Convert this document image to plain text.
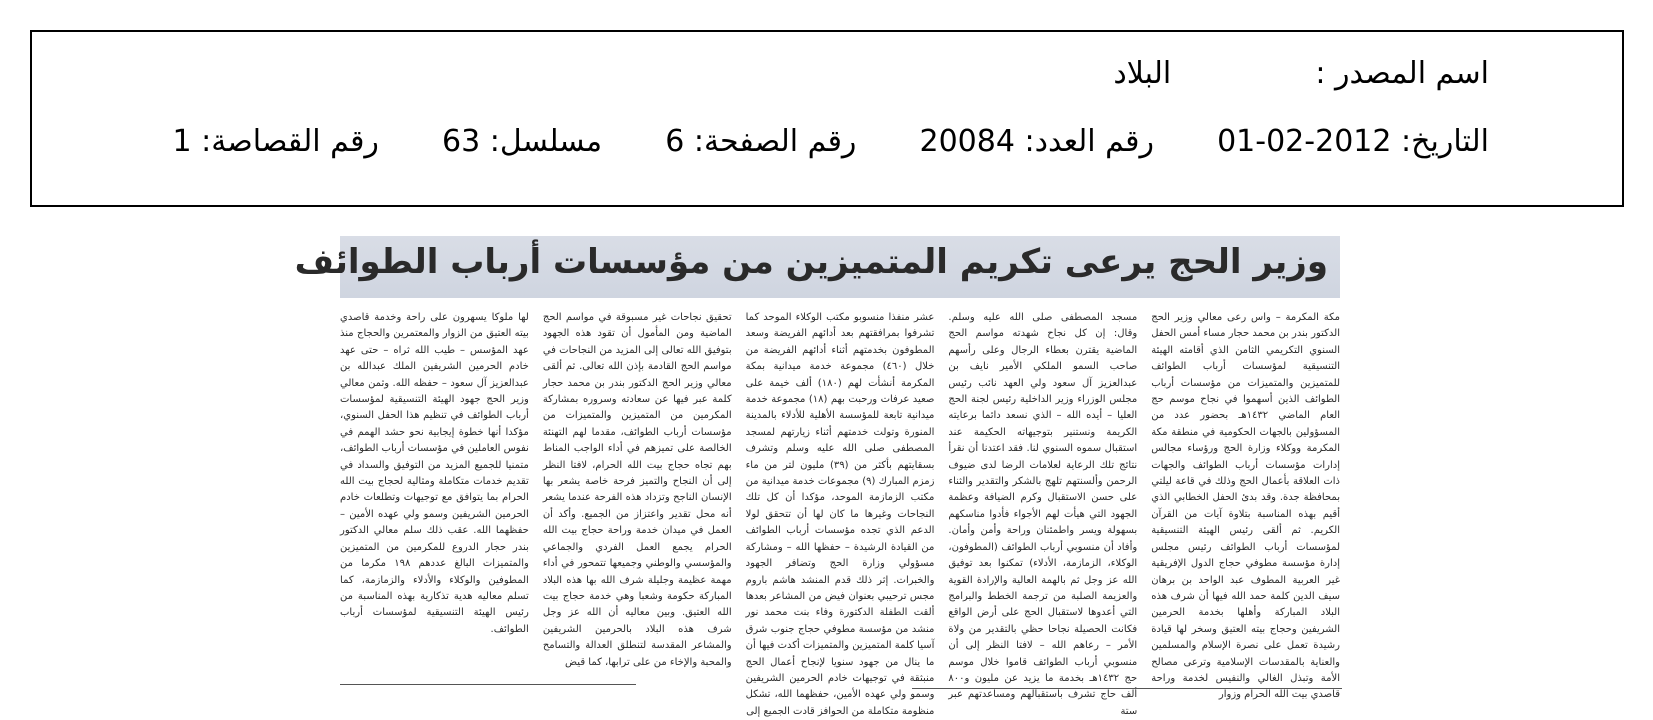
اسم المصدر :  البلاد
التاريخ: 2012-02-01  رقم العدد: 20084  رقم الصفحة: 6  مسلسل: 63  رقم القصاصة: 1
وزير الحج يرعى تكريم المتميزين من مؤسسات أرباب الطوائف
مكة المكرمة – واس رعى معالي وزير الحج الدكتور بندر بن محمد حجار مساء أمس الحفل السنوي التكريمي الثامن الذي أقامته الهيئة التنسيقية لمؤسسات أرباب الطوائف للمتميزين والمتميزات من مؤسسات أرباب الطوائف الذين أسهموا في نجاح موسم حج العام الماضي ١٤٣٢هـ بحضور عدد من المسؤولين بالجهات الحكومية في منطقة مكة المكرمة ووكلاء وزارة الحج ورؤساء مجالس إدارات مؤسسات أرباب الطوائف والجهات ذات العلاقة بأعمال الحج وذلك في قاعة ليلتي بمحافظة جدة. وقد بدئ الحفل الخطابي الذي أقيم بهذه المناسبة بتلاوة آيات من القرآن الكريم. ثم ألقى رئيس الهيئة التنسيقية لمؤسسات أرباب الطوائف رئيس مجلس إدارة مؤسسة مطوفي حجاج الدول الإفريقية غير العربية المطوف عبد الواحد بن برهان سيف الدين كلمة حمد الله فيها أن شرف هذه البلاد المباركة وأهلها بخدمة الحرمين الشريفين وحجاج بيته العتيق وسخر لها قيادة رشيدة تعمل على نصرة الإسلام والمسلمين والعناية بالمقدسات الإسلامية وترعى مصالح الأمة وتبذل الغالي والنفيس لخدمة وراحة قاصدي بيت الله الحرام وزوار
مسجد المصطفى صلى الله عليه وسلم. وقال: إن كل نجاح شهدته مواسم الحج الماضية يقترن بعطاء الرجال وعلى رأسهم صاحب السمو الملكي الأمير نايف بن عبدالعزيز آل سعود ولي العهد نائب رئيس مجلس الوزراء وزير الداخلية رئيس لجنة الحج العليا – أيده الله – الذي نسعد دائما برعايته الكريمة ونستنير بتوجيهاته الحكيمة عند استقبال سموه السنوي لنا. فقد اعتدنا أن نقرأ نتائج تلك الرعاية لعلامات الرضا لدى ضيوف الرحمن وألسنتهم تلهج بالشكر والتقدير والثناء على حسن الاستقبال وكرم الضيافة وعظمة الجهود التي هيأت لهم الأجواء فأدوا مناسكهم بسهولة ويسر واطمئنان وراحة وأمن وأمان. وأفاد أن منسوبي أرباب الطوائف (المطوفون، الوكلاء، الزمازمة، الأدلاء) تمكنوا بعد توفيق الله عز وجل ثم بالهمة العالية والإرادة القوية والعزيمة الصلبة من ترجمة الخطط والبرامج التي أعدوها لاستقبال الحج على أرض الواقع فكانت الحصيلة نجاحا حظي بالتقدير من ولاة الأمر – رعاهم الله – لافتا النظر إلى أن منسوبي أرباب الطوائف قاموا خلال موسم حج ١٤٣٢هـ بخدمة ما يزيد عن مليون و٨٠٠ ألف حاج تشرف باستقبالهم ومساعدتهم عبر ستة
عشر منفذا منسوبو مكتب الوكلاء الموحد كما تشرفوا بمرافقتهم بعد أدائهم الفريضة وسعد المطوفون بخدمتهم أثناء أدائهم الفريضة من خلال (٤٦٠) مجموعة خدمة ميدانية بمكة المكرمة أنشأت لهم (١٨٠) ألف خيمة على صعيد عرفات ورحبت بهم (١٨) مجموعة خدمة ميدانية تابعة للمؤسسة الأهلية للأدلاء بالمدينة المنورة وتولت خدمتهم أثناء زيارتهم لمسجد المصطفى صلى الله عليه وسلم وتشرف بسقايتهم بأكثر من (٣٩) مليون لتر من ماء زمزم المبارك (٩) مجموعات خدمة ميدانية من مكتب الزمازمة الموحد، مؤكدا أن كل تلك النجاحات وغيرها ما كان لها أن تتحقق لولا الدعم الذي تجده مؤسسات أرباب الطوائف من القيادة الرشيدة – حفظها الله – ومشاركة مسؤولي وزارة الحج وتضافر الجهود والخبرات. إثر ذلك قدم المنشد هاشم باروم مجس ترحيبي بعنوان فيض من المشاعر بعدها ألقت الطفلة الدكتورة وفاء بنت محمد نور منشد من مؤسسة مطوفي حجاج جنوب شرق آسيا كلمة المتميزين والمتميزات أكدت فيها أن ما ينال من جهود سنويا لإنجاح أعمال الحج منبثقة في توجيهات خادم الحرمين الشريفين وسمو ولي عهده الأمين، حفظهما الله، تشكل منظومة متكاملة من الحوافز قادت الجميع إلى
تحقيق نجاحات غير مسبوقة في مواسم الحج الماضية ومن المأمول أن تقود هذه الجهود بتوفيق الله تعالى إلى المزيد من النجاحات في مواسم الحج القادمة بإذن الله تعالى. ثم ألقى معالي وزير الحج الدكتور بندر بن محمد حجار كلمة عبر فيها عن سعادته وسروره بمشاركة المكرمين من المتميزين والمتميزات من مؤسسات أرباب الطوائف، مقدما لهم التهنئة الخالصة على تميزهم في أداء الواجب المناط بهم تجاه حجاج بيت الله الحرام، لافتا النظر إلى أن النجاح والتميز فرحة خاصة يشعر بها الإنسان الناجح وتزداد هذه الفرحة عندما يشعر أنه محل تقدير واعتزاز من الجميع. وأكد أن العمل في ميدان خدمة وراحة حجاج بيت الله الحرام يجمع العمل الفردي والجماعي والمؤسسي والوطني وجميعها تتمحور في أداء مهمة عظيمة وجليلة شرف الله بها هذه البلاد المباركة حكومة وشعبا وهي خدمة حجاج بيت الله العتيق. وبين معاليه أن الله عز وجل شرف هذه البلاد بالحرمين الشريفين والمشاعر المقدسة لتنطلق العدالة والتسامح والمحبة والإخاء من على ترابها، كما قيض
لها ملوكا يسهرون على راحة وخدمة قاصدي بيته العتيق من الزوار والمعتمرين والحجاج منذ عهد المؤسس – طيب الله ثراه – حتى عهد خادم الحرمين الشريفين الملك عبدالله بن عبدالعزيز آل سعود – حفظه الله. وثمن معالي وزير الحج جهود الهيئة التنسيقية لمؤسسات أرباب الطوائف في تنظيم هذا الحفل السنوي، مؤكدا أنها خطوة إيجابية نحو حشد الهمم في نفوس العاملين في مؤسسات أرباب الطوائف، متمنيا للجميع المزيد من التوفيق والسداد في تقديم خدمات متكاملة ومثالية لحجاج بيت الله الحرام بما يتوافق مع توجيهات وتطلعات خادم الحرمين الشريفين وسمو ولي عهده الأمين – حفظهما الله. عقب ذلك سلم معالي الدكتور بندر حجار الدروع للمكرمين من المتميزين والمتميزات البالغ عددهم ١٩٨ مكرما من المطوفين والوكلاء والأدلاء والزمازمة، كما تسلم معاليه هدية تذكارية بهذه المناسبة من رئيس الهيئة التنسيقية لمؤسسات أرباب الطوائف.
